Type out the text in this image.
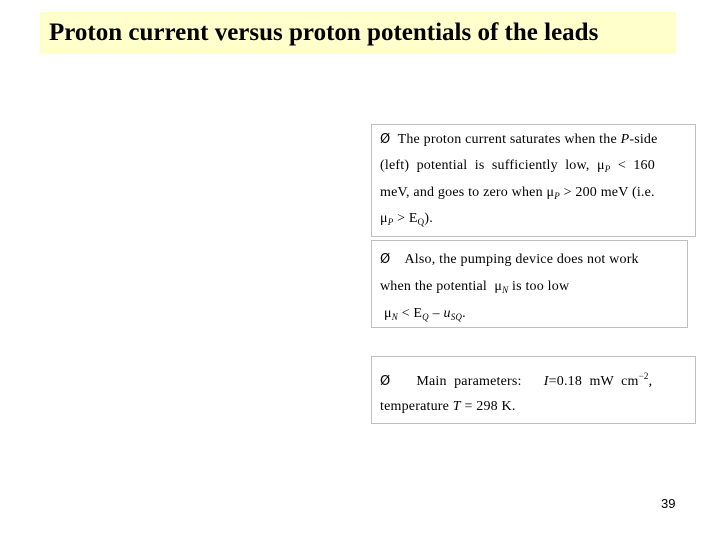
Proton current versus proton potentials of the leads
Ø The proton current saturates when the P-side
(left)  potential  is  sufficiently  low,  $\mu_P < 160$
meV, and goes to zero when $\mu_P > 200$ meV (i.e.
$\mu_P > E_Q$).
Ø Also, the pumping device does not work
when the potential  $\mu_N$ is too low
$\mu_N < E_Q - u_{SQ}$.
Ø Main  parameters: I=0.18  mW  $cm^{-2}$,
temperature T = 298 K.
39
